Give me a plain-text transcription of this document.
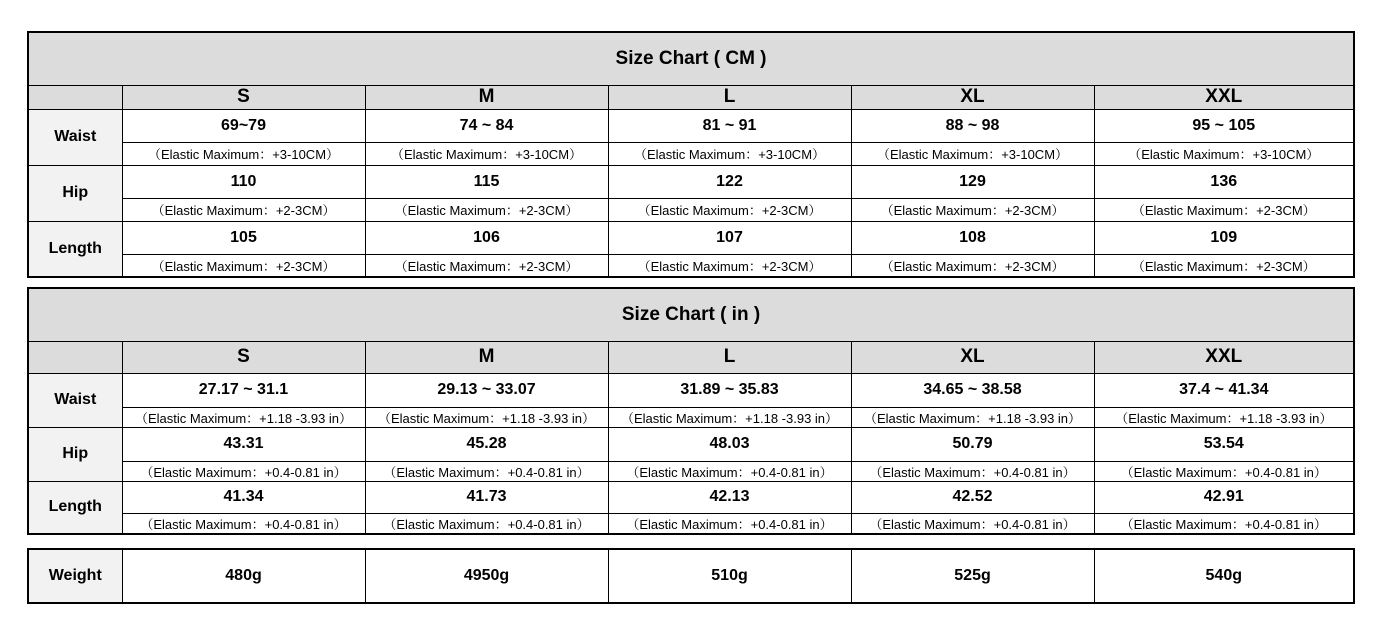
Size Chart ( CM )					
	S	M	L	XL	XXL
Waist	69~79	74 ~ 84	81 ~ 91	88 ~ 98	95 ~ 105
	（Elastic Maximum：+3-10CM）	（Elastic Maximum：+3-10CM）	（Elastic Maximum：+3-10CM）	（Elastic Maximum：+3-10CM）	（Elastic Maximum：+3-10CM）
Hip	110	115	122	129	136
	（Elastic Maximum：+2-3CM）	（Elastic Maximum：+2-3CM）	（Elastic Maximum：+2-3CM）	（Elastic Maximum：+2-3CM）	（Elastic Maximum：+2-3CM）
Length	105	106	107	108	109
	（Elastic Maximum：+2-3CM）	（Elastic Maximum：+2-3CM）	（Elastic Maximum：+2-3CM）	（Elastic Maximum：+2-3CM）	（Elastic Maximum：+2-3CM）
Size Chart ( in )					
	S	M	L	XL	XXL
Waist	27.17 ~ 31.1	29.13 ~ 33.07	31.89 ~ 35.83	34.65 ~ 38.58	37.4 ~ 41.34
	（Elastic Maximum：+1.18 -3.93 in）	（Elastic Maximum：+1.18 -3.93 in）	（Elastic Maximum：+1.18 -3.93 in）	（Elastic Maximum：+1.18 -3.93 in）	（Elastic Maximum：+1.18 -3.93 in）
Hip	43.31	45.28	48.03	50.79	53.54
	（Elastic Maximum：+0.4-0.81 in）	（Elastic Maximum：+0.4-0.81 in）	（Elastic Maximum：+0.4-0.81 in）	（Elastic Maximum：+0.4-0.81 in）	（Elastic Maximum：+0.4-0.81 in）
Length	41.34	41.73	42.13	42.52	42.91
	（Elastic Maximum：+0.4-0.81 in）	（Elastic Maximum：+0.4-0.81 in）	（Elastic Maximum：+0.4-0.81 in）	（Elastic Maximum：+0.4-0.81 in）	（Elastic Maximum：+0.4-0.81 in）
Weight	480g	4950g	510g	525g	540g
